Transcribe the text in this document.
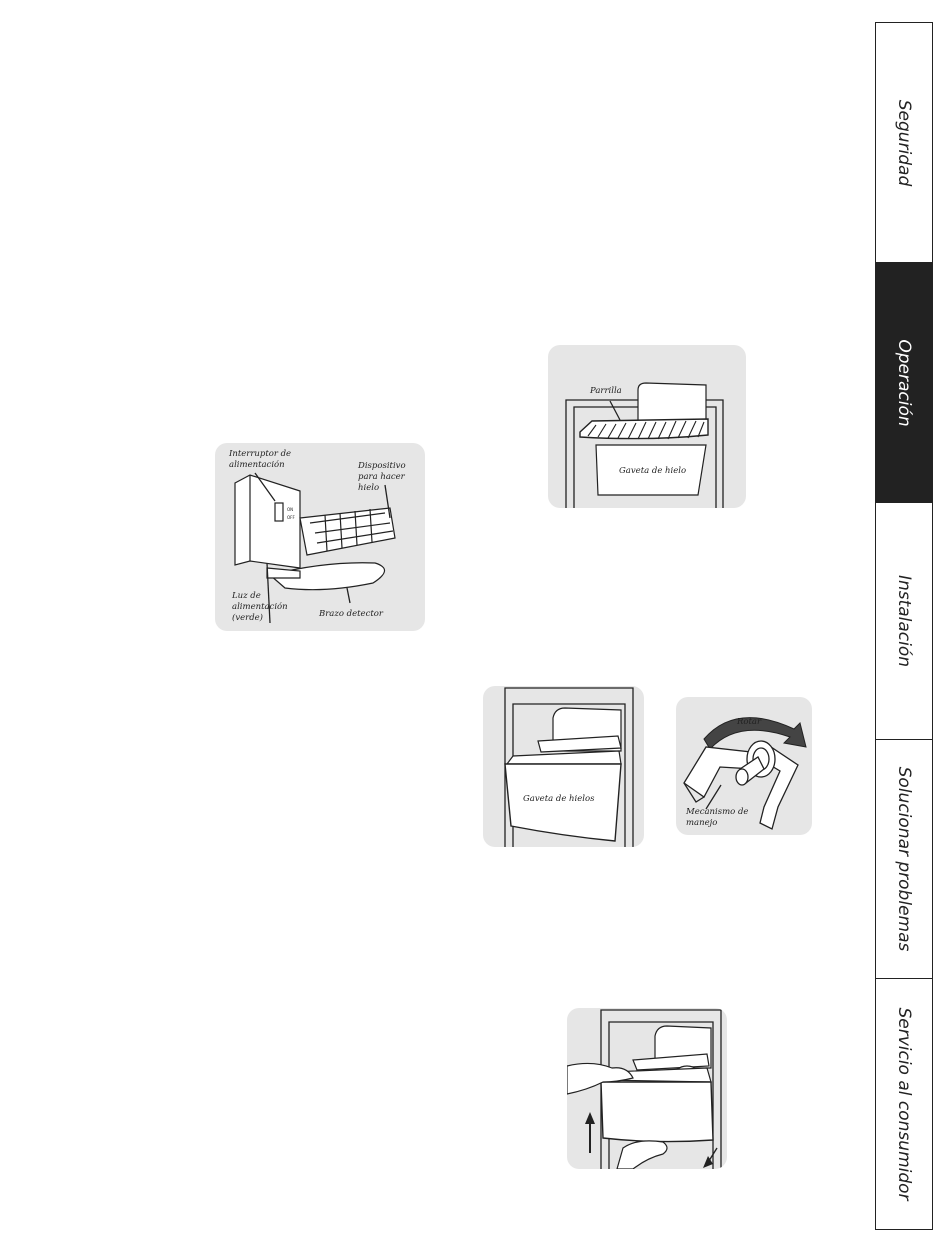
ON
OFF
Interruptor de alimentación	Dispositivo para hacer hielo
Luz de alimentación (verde)	Brazo detector
Parrilla
Gaveta de hielo
Gaveta de hielos
Rotar
Mecanismo de manejo
Seguridad
Operación
Instalación
Solucionar problemas
Servicio al consumidor
